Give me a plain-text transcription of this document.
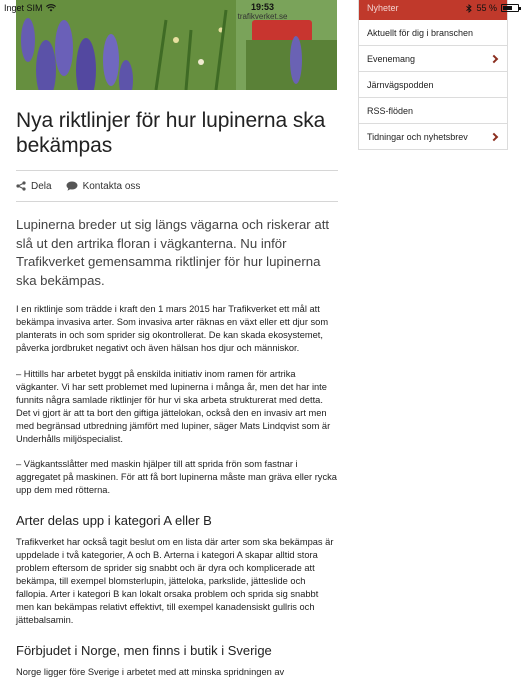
Inget SIM	19:53
trafikverket.se
55 %
Nya riktlinjer för hur lupinerna ska bekämpas
Dela	Kontakta oss

Lupinerna breder ut sig längs vägarna och riskerar att slå ut den artrika floran i vägkanterna. Nu inför Trafikverket gemensamma riktlinjer för hur lupinerna ska bekämpas.

I en riktlinje som trädde i kraft den 1 mars 2015 har Trafikverket ett mål att bekämpa invasiva arter. Som invasiva arter räknas en växt eller ett djur som planterats in och som sprider sig okontrollerat. De kan skada ekosystemet, påverka jordbruket negativt och även hälsan hos djur och människor.

– Hittills har arbetet byggt på enskilda initiativ inom ramen för artrika vägkanter. Vi har sett problemet med lupinerna i många år, men det har inte funnits några samlade riktlinjer för hur vi ska arbeta strukturerat med detta. Det vi gjort är att ta bort den giftiga jättelokan, också den en invasiv art men med begränsad utbredning jämfört med lupiner, säger Mats Lindqvist som är Underhålls miljöspecialist.

– Vägkantsslåtter med maskin hjälper till att sprida frön som fastnar i aggregatet på maskinen. För att få bort lupinerna måste man gräva eller rycka upp dem med rötterna.

Arter delas upp i kategori A eller B

Trafikverket har också tagit beslut om en lista där arter som ska bekämpas är uppdelade i två kategorier, A och B. Arterna i kategori A skapar alltid stora problem eftersom de sprider sig snabbt och är dyra och komplicerade att bekämpa, till exempel blomsterlupin, jätteloka, parkslide, jätteslide och fallopia. Arter i kategori B kan lokalt orsaka problem och sprida sig snabbt men kan bekämpas relativt effektivt, till exempel kanadensiskt gullris och jättebalsamin.

Förbjudet i Norge, men finns i butik i Sverige

Norge ligger före Sverige i arbetet med att minska spridningen av

Nyheter
Aktuellt för dig i branschen
Evenemang
Järnvägspodden
RSS-flöden
Tidningar och nyhetsbrev
